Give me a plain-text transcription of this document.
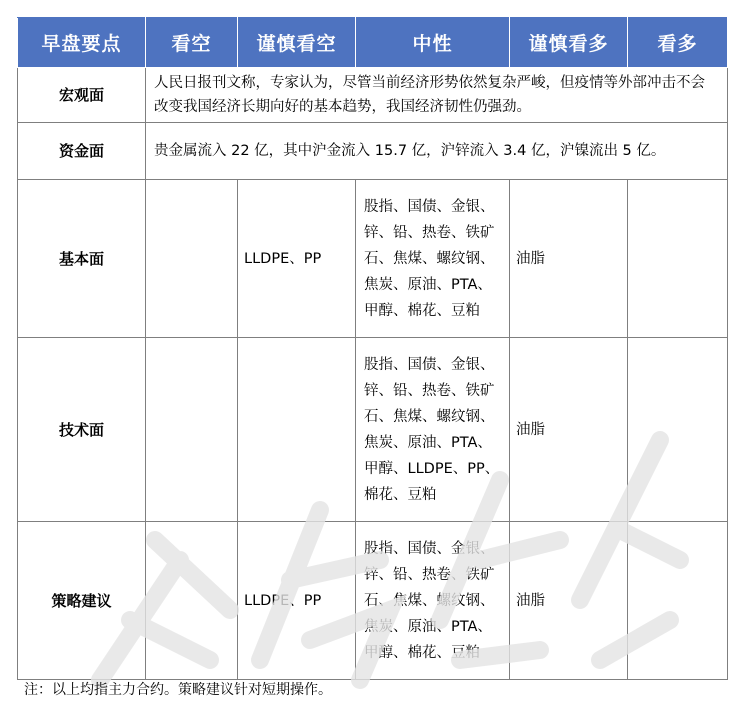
早盘要点	看空	谨慎看空	中性	谨慎看多	看多
宏观面	人民日报刊文称，专家认为，尽管当前经济形势依然复杂严峻，但疫情等外部冲击不会改变我国经济长期向好的基本趋势，我国经济韧性仍强劲。				
资金面	贵金属流入 22 亿，其中沪金流入 15.7 亿，沪锌流入 3.4 亿，沪镍流出 5 亿。				
基本面		LLDPE、PP	股指、国债、金银、锌、铅、热卷、铁矿石、焦煤、螺纹钢、焦炭、原油、PTA、甲醇、棉花、豆粕	油脂	
技术面			股指、国债、金银、锌、铅、热卷、铁矿石、焦煤、螺纹钢、焦炭、原油、PTA、甲醇、LLDPE、PP、棉花、豆粕	油脂	
策略建议		LLDPE、PP	股指、国债、金银、锌、铅、热卷、铁矿石、焦煤、螺纹钢、焦炭、原油、PTA、甲醇、棉花、豆粕	油脂	
注：以上均指主力合约。策略建议针对短期操作。
